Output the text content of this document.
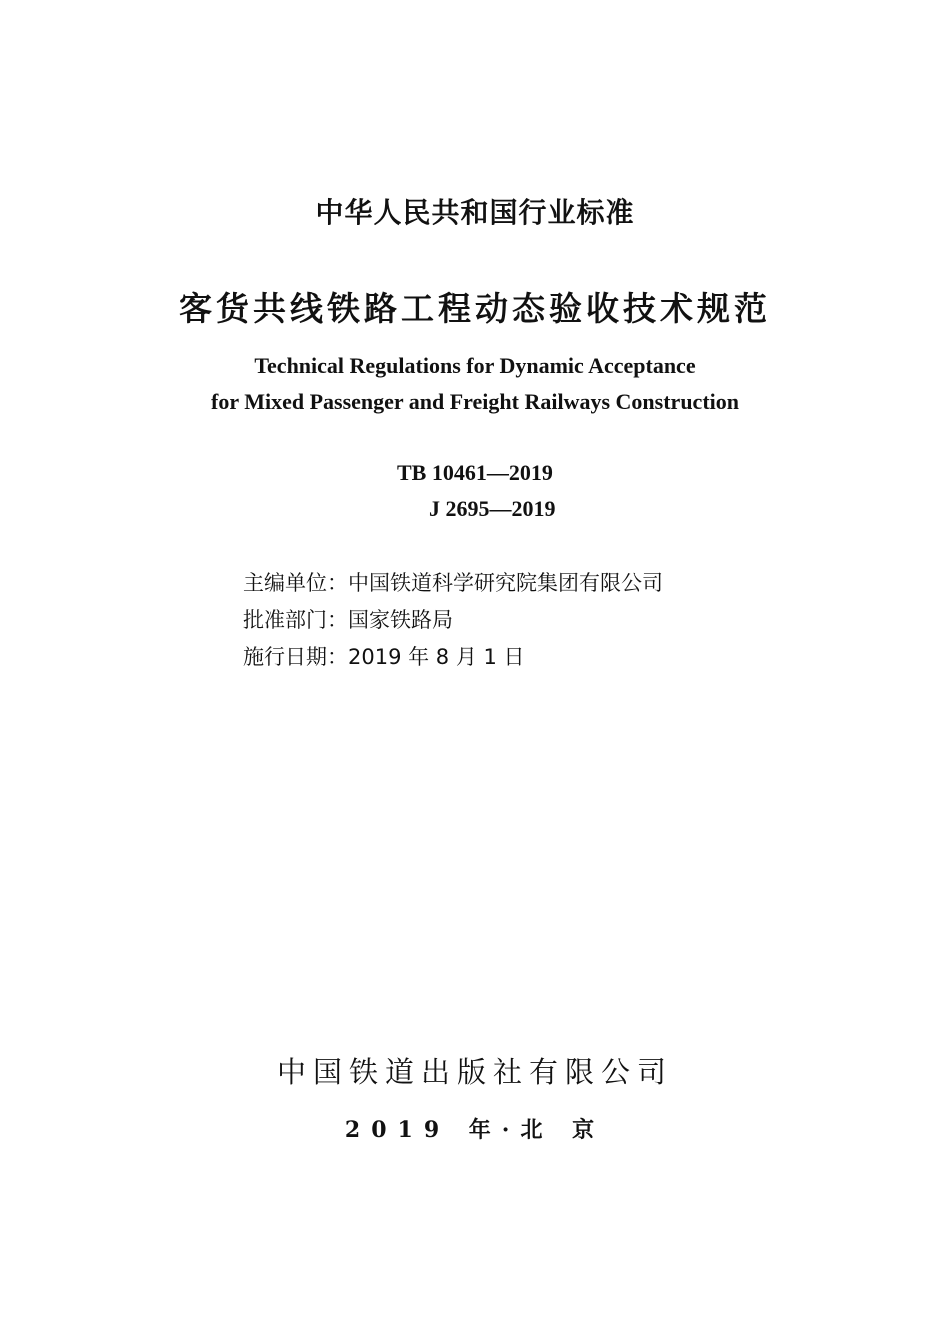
中华人民共和国行业标准
客货共线铁路工程动态验收技术规范
Technical Regulations for Dynamic Acceptance
for Mixed Passenger and Freight Railways Construction
TB 10461—2019
J 2695—2019
主编单位：中国铁道科学研究院集团有限公司
批准部门：国家铁路局
施行日期：2019 年 8 月 1 日
中国铁道出版社有限公司
2019 年·北 京
